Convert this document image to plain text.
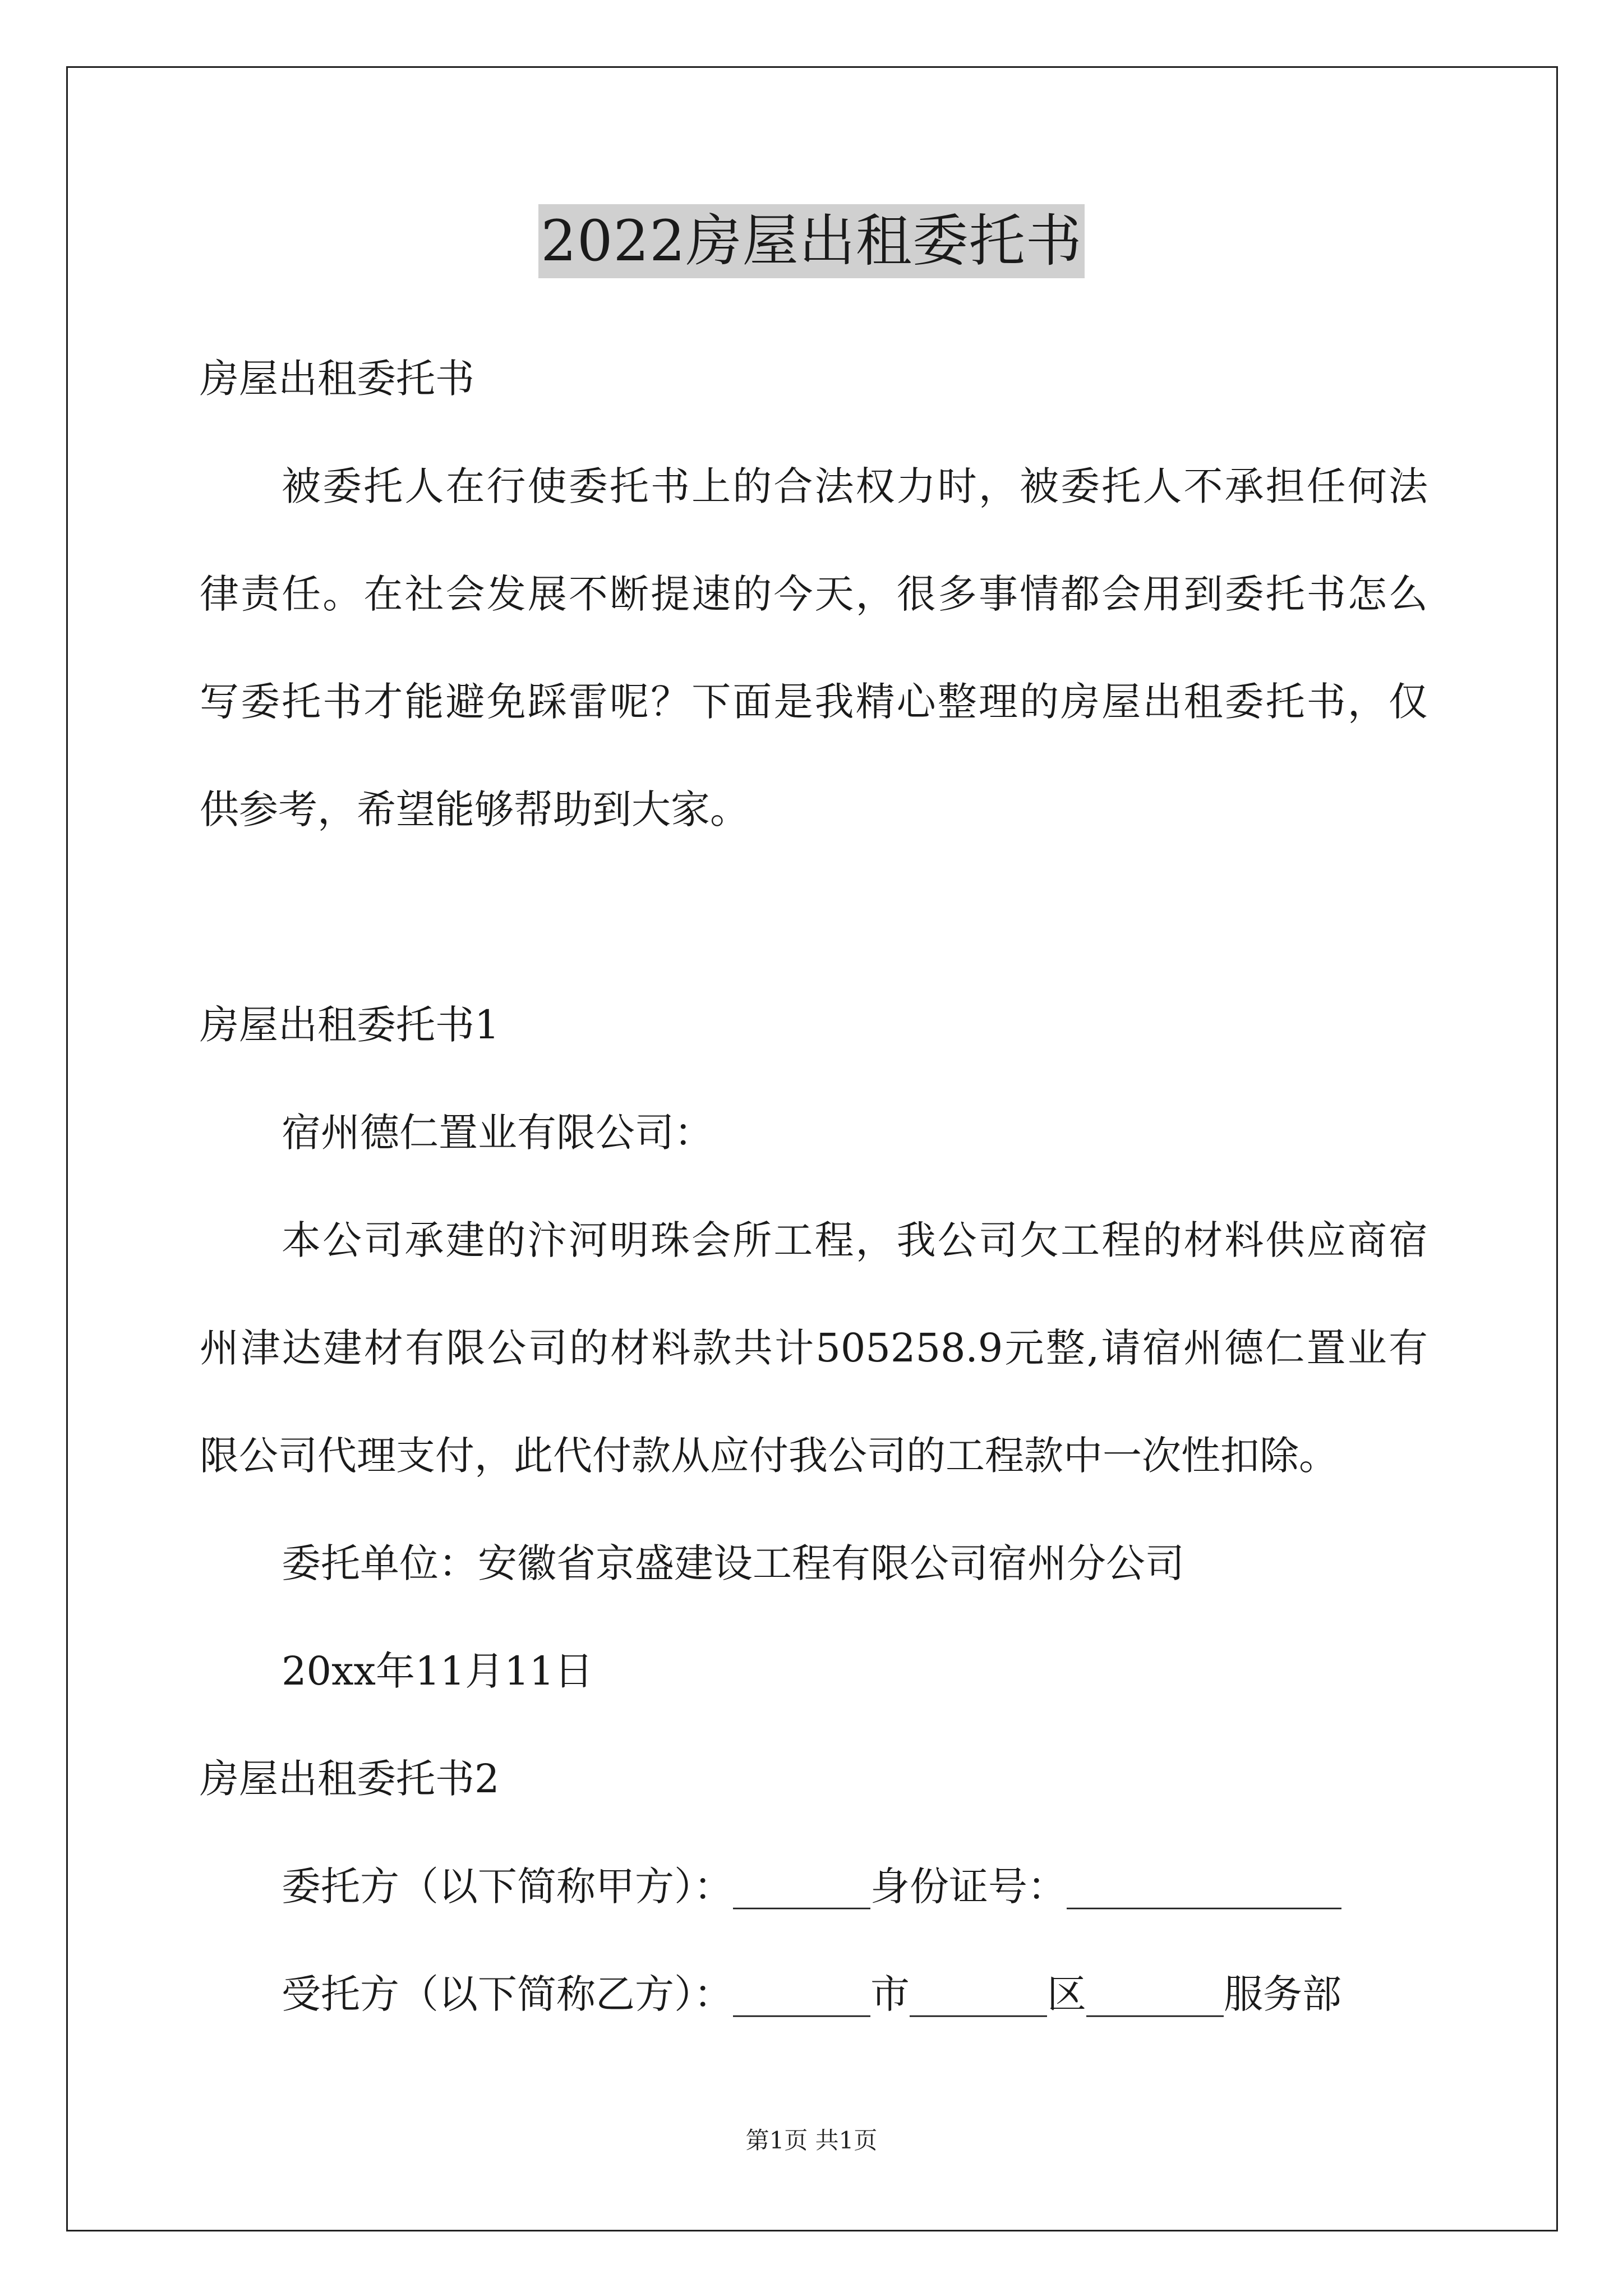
2022房屋出租委托书
房屋出租委托书
被委托人在行使委托书上的合法权力时，被委托人不承担任何法
律责任。在社会发展不断提速的今天，很多事情都会用到委托书怎么
写委托书才能避免踩雷呢？下面是我精心整理的房屋出租委托书，仅
供参考，希望能够帮助到大家。
房屋出租委托书1
宿州德仁置业有限公司：
本公司承建的汴河明珠会所工程，我公司欠工程的材料供应商宿
州津达建材有限公司的材料款共计505258.9元整,请宿州德仁置业有
限公司代理支付，此代付款从应付我公司的工程款中一次性扣除。
委托单位：安徽省京盛建设工程有限公司宿州分公司
20xx年11月11日
房屋出租委托书2
委托方（以下简称甲方）：_______身份证号：______________
受托方（以下简称乙方）：_______市_______区_______服务部
第1页 共1页
